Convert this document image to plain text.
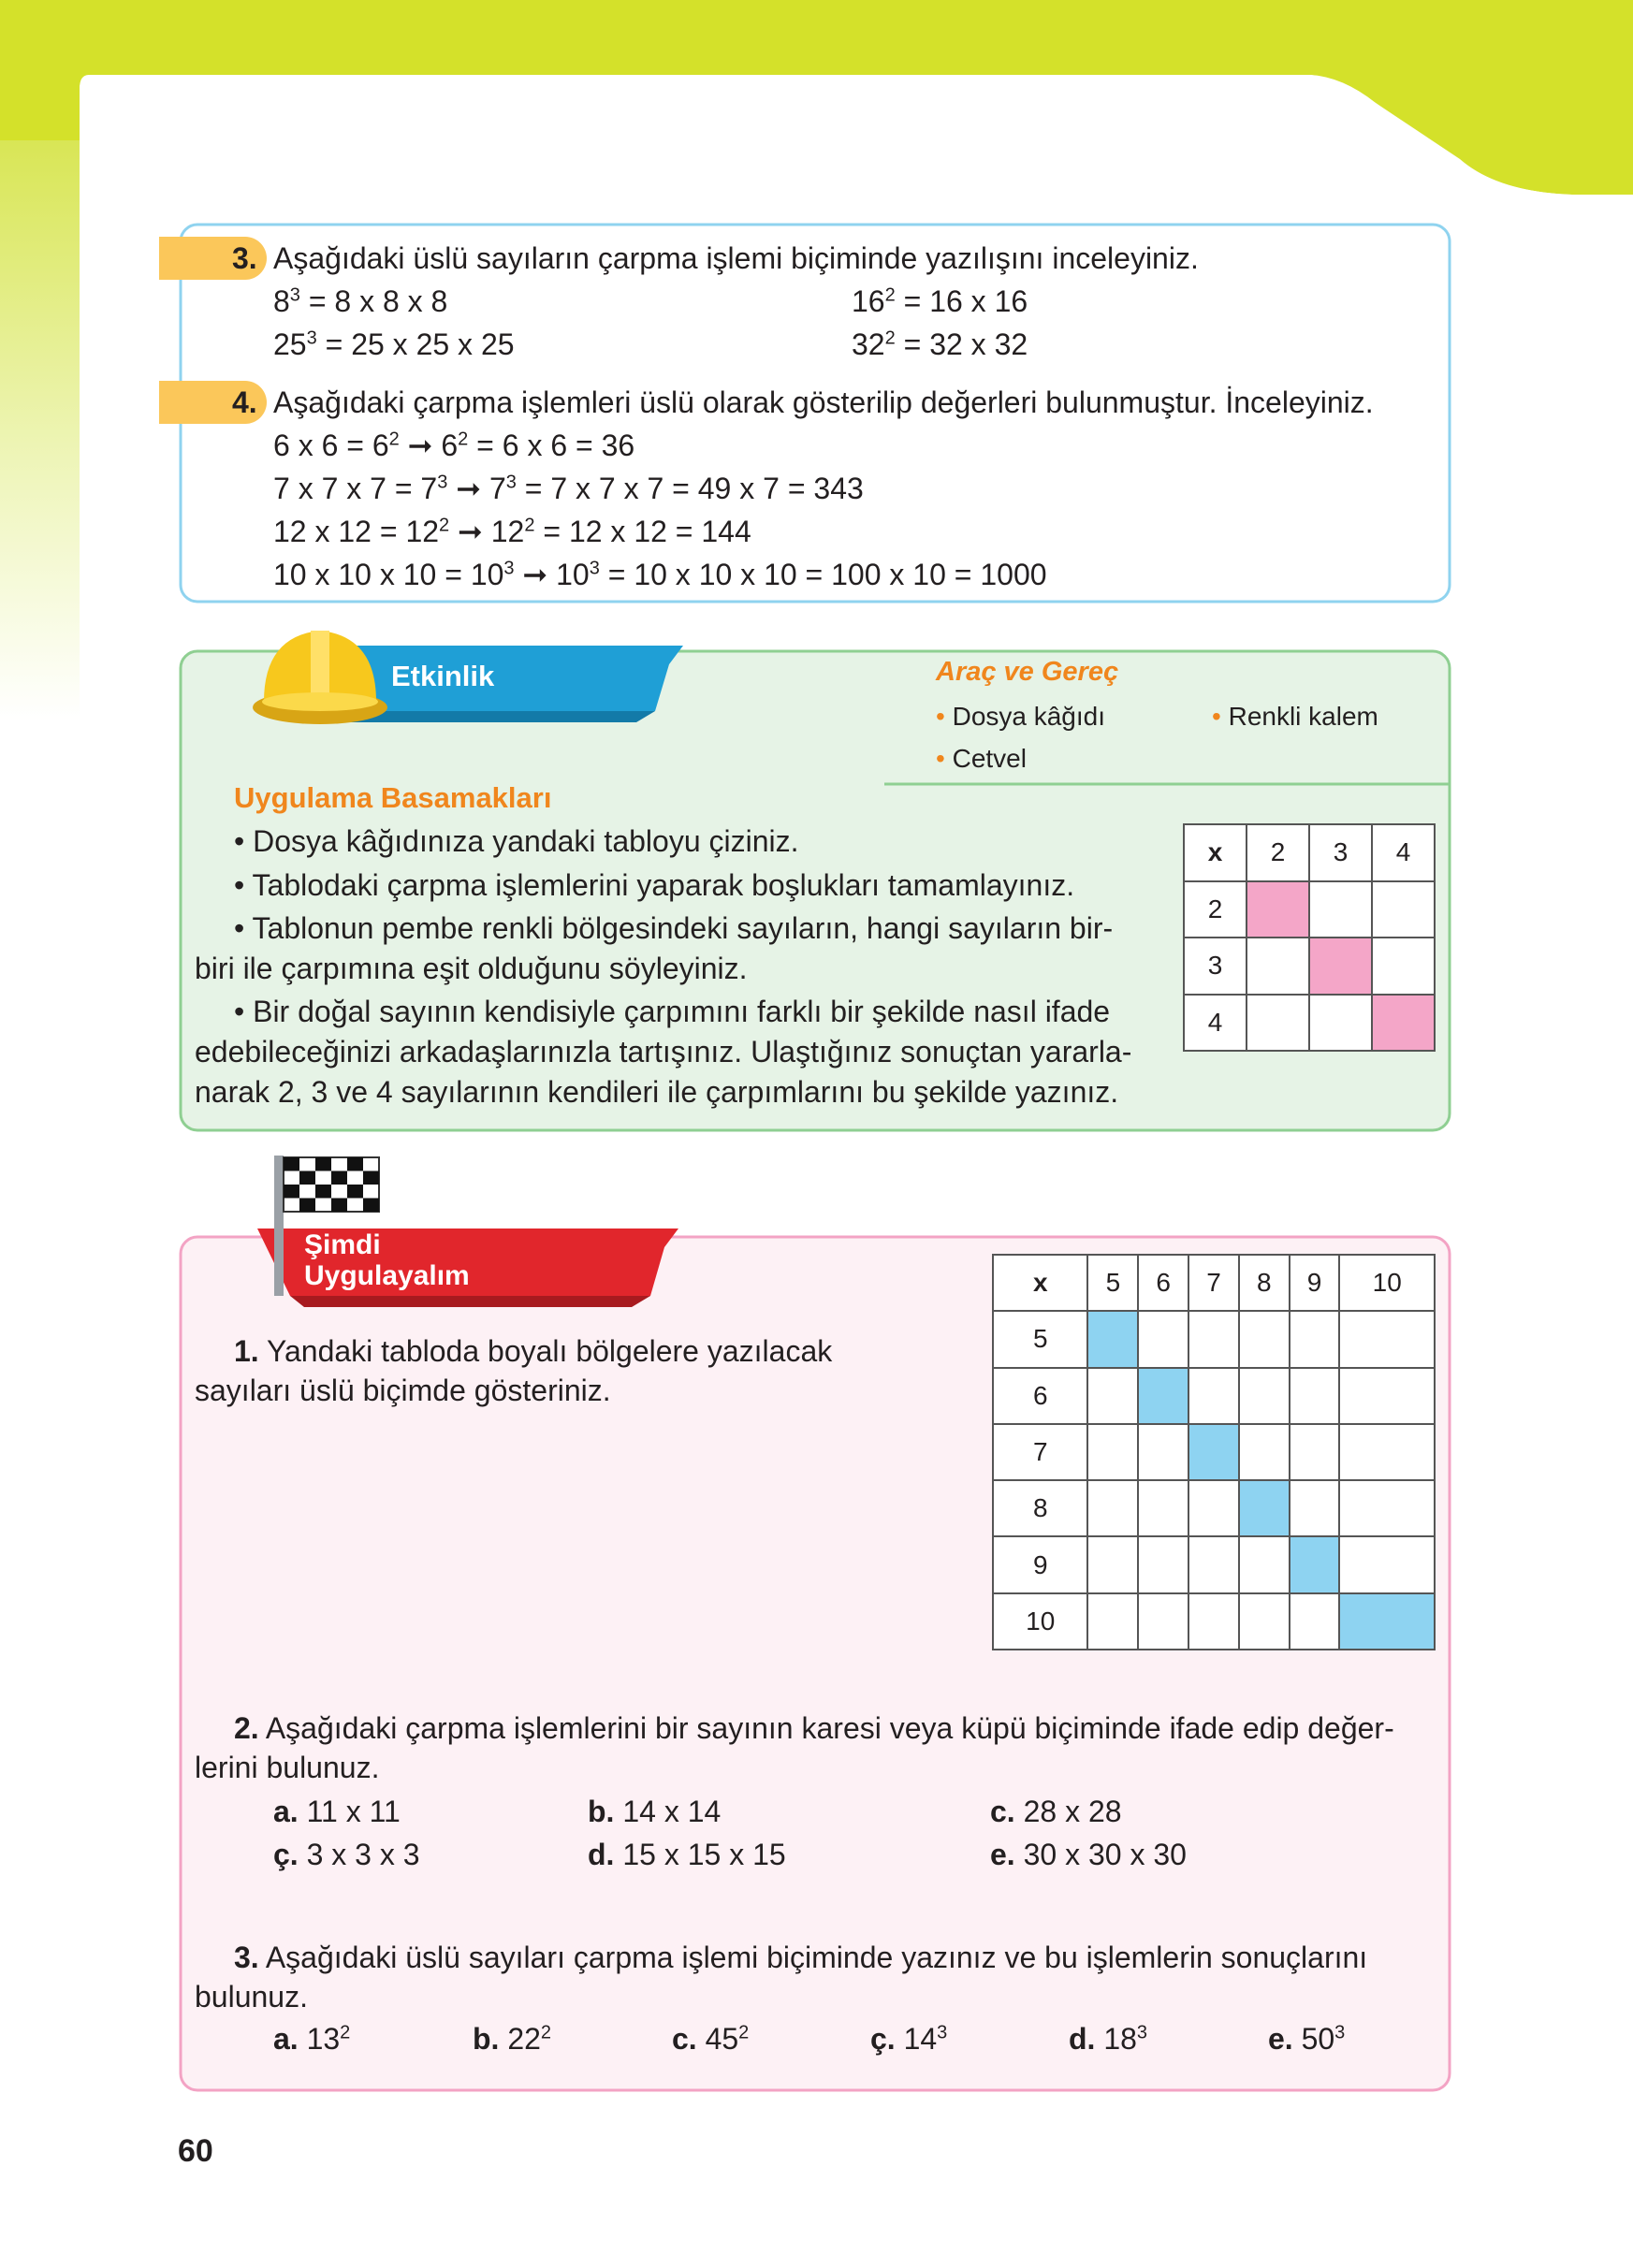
3. Aşağıdaki üslü sayıların çarpma işlemi biçiminde yazılışını inceleyiniz.
$8^3 = 8$ x 8 x 8	$16^2 = 16$ x 16
$25^3 = 25$ x 25 x 25	$32^2 = 32$ x 32
4. Aşağıdaki çarpma işlemleri üslü olarak gösterilip değerleri bulunmuştur. İnceleyiniz.
6 x $6 = 6^2$ ➞ $6^2 = 6$ x 6 = 36
7 x 7 x $7 = 7^3$ ➞ $7^3 = 7$ x 7 x 7 = 49 x 7 = 343
12 x $12 = 12^2$ ➞ $12^2 = 12$ x 12 = 144
10 x 10 x $10 = 10^3$ ➞ $10^3 = 10$ x 10 x 10 = 100 x 10 = 1000
Etkinlik	Araç ve Gereç
• Dosya kâğıdı	• Renkli kalem
• Cetvel
Uygulama Basamakları
• Dosya kâğıdınıza yandaki tabloyu çiziniz.
• Tablodaki çarpma işlemlerini yaparak boşlukları tamamlayınız.
• Tablonun pembe renkli bölgesindeki sayıların, hangi sayıların bir-
biri ile çarpımına eşit olduğunu söyleyiniz.
• Bir doğal sayının kendisiyle çarpımını farklı bir şekilde nasıl ifade
edebileceğinizi arkadaşlarınızla tartışınız. Ulaştığınız sonuçtan yararla-
narak 2, 3 ve 4 sayılarının kendileri ile çarpımlarını bu şekilde yazınız.
x	2	3	4
2			
3			
4			
Şimdi
Uygulayalım
1. Yandaki tabloda boyalı bölgelere yazılacak
sayıları üslü biçimde gösteriniz.
x	5	6	7	8	9	10
5						
6						
7						
8						
9						
10						
2. Aşağıdaki çarpma işlemlerini bir sayının karesi veya küpü biçiminde ifade edip değer-
lerini bulunuz.
a. 11 x 11	b. 14 x 14	c. 28 x 28
ç. 3 x 3 x 3	d. 15 x 15 x 15	e. 30 x 30 x 30
3. Aşağıdaki üslü sayıları çarpma işlemi biçiminde yazınız ve bu işlemlerin sonuçlarını
bulunuz.
a. $13^2$	b. $22^2$	c. $45^2$	ç. $14^3$	d. $18^3$	e. $50^3$
60
